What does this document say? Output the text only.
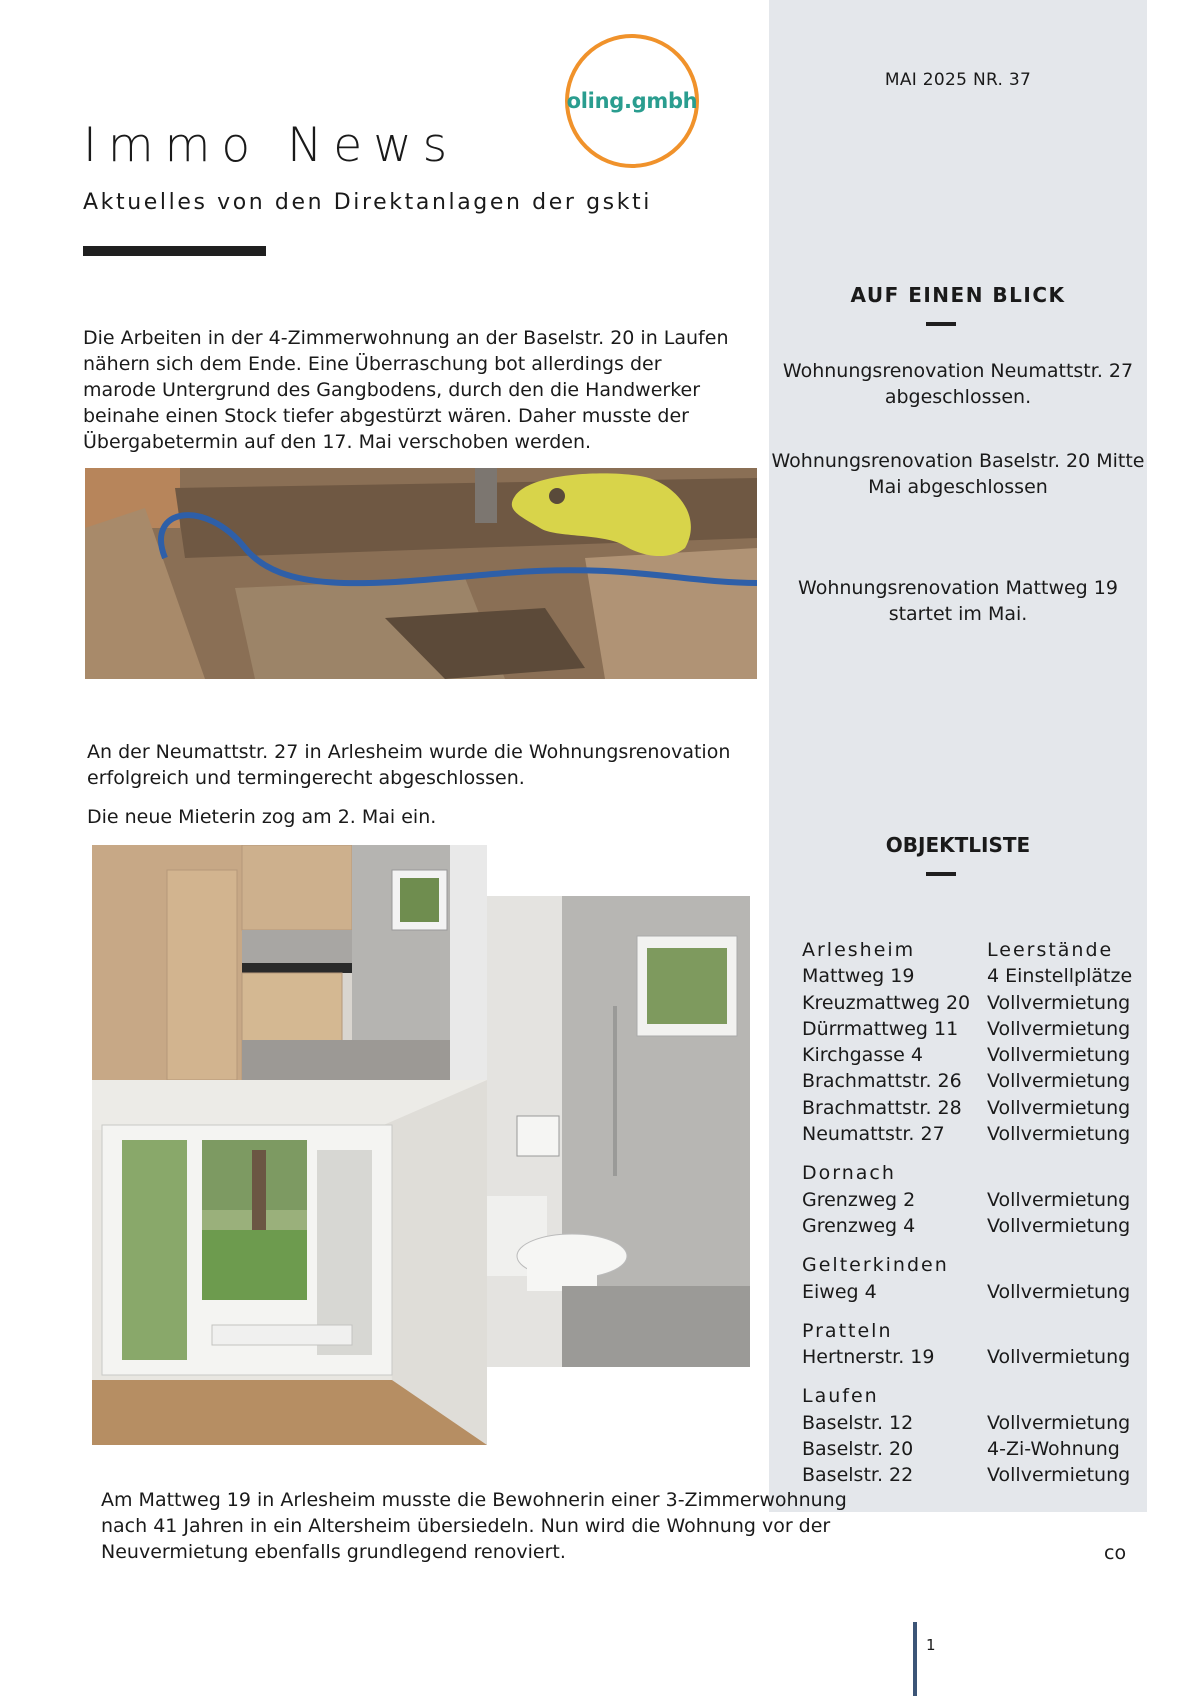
MAI 2025 NR. 37
oling.gmbh
Immo News
Aktuelles von den Direktanlagen der gskti
Die Arbeiten in der 4-Zimmerwohnung an der Baselstr. 20 in Laufen nähern sich dem Ende. Eine Überraschung bot allerdings der marode Untergrund des Gangbodens, durch den die Handwerker beinahe einen Stock tiefer abgestürzt wären. Daher musste der Übergabetermin auf den 17. Mai verschoben werden.
An der Neumattstr. 27 in Arlesheim wurde die Wohnungsrenovation erfolgreich und termingerecht abgeschlossen.
Die neue Mieterin zog am 2. Mai ein.
Am Mattweg 19 in Arlesheim musste die Bewohnerin einer 3-Zimmerwohnung nach 41 Jahren in ein Altersheim übersiedeln. Nun wird die Wohnung vor der Neuvermietung ebenfalls grundlegend renoviert.	co
AUF EINEN BLICK
Wohnungsrenovation Neumattstr. 27 abgeschlossen.
Wohnungsrenovation Baselstr. 20 Mitte Mai abgeschlossen
Wohnungsrenovation Mattweg 19 startet im Mai.
OBJEKTLISTE
Arlesheim	Leerstände
Mattweg 19	4 Einstellplätze
Kreuzmattweg 20 Vollvermietung
Dürrmattweg 11	Vollvermietung
Kirchgasse 4	Vollvermietung
Brachmattstr. 26	Vollvermietung
Brachmattstr. 28	Vollvermietung
Neumattstr. 27	Vollvermietung
Dornach
Grenzweg 2	Vollvermietung
Grenzweg 4	Vollvermietung
Gelterkinden
Eiweg 4	Vollvermietung
Pratteln
Hertnerstr. 19	Vollvermietung
Laufen
Baselstr. 12	Vollvermietung
Baselstr. 20	4-Zi-Wohnung
Baselstr. 22	Vollvermietung
1
